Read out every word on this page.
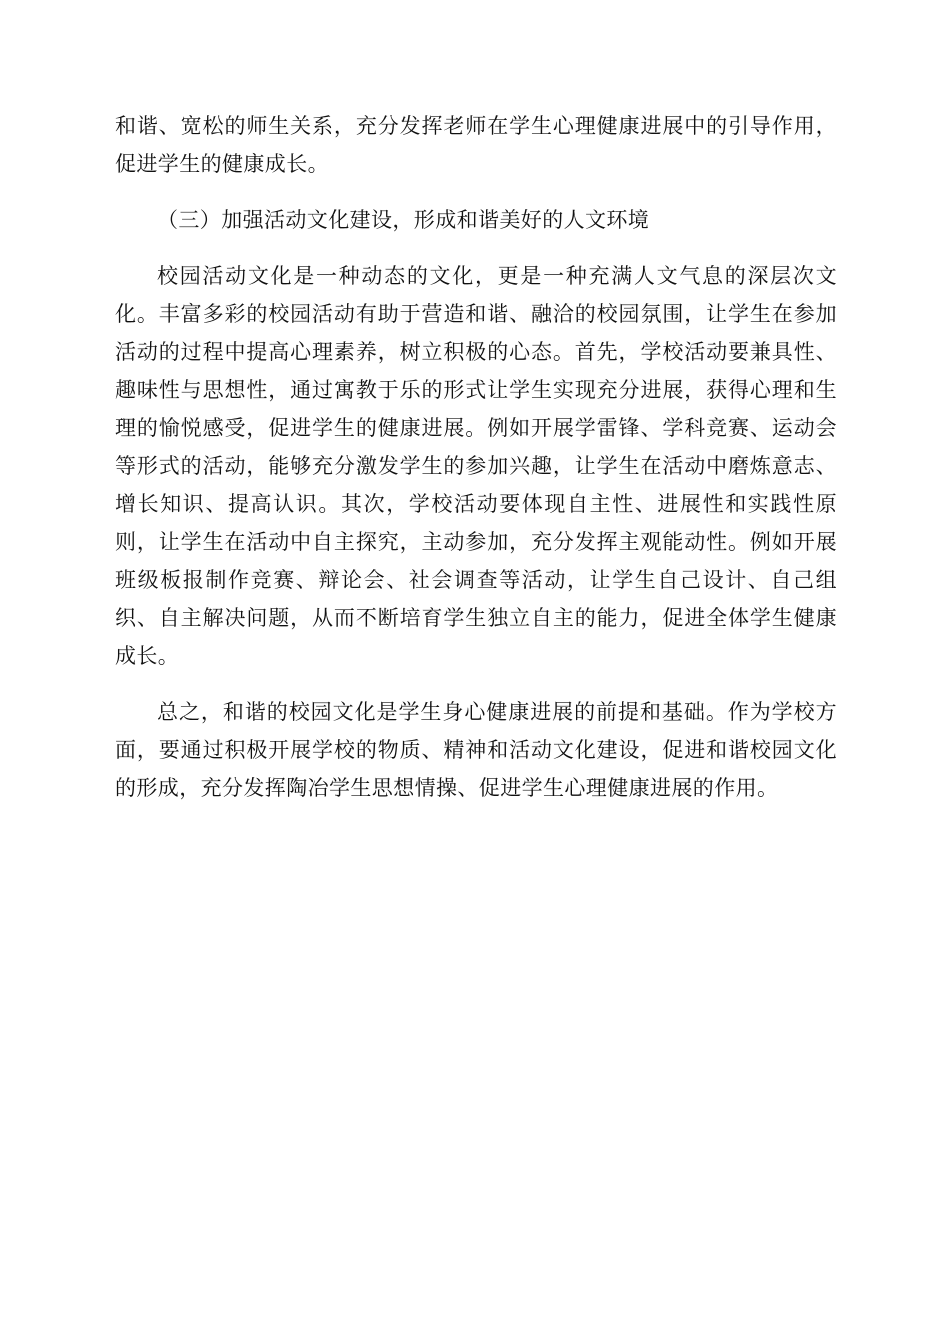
和谐、宽松的师生关系，充分发挥老师在学生心理健康进展中的引导作用，促进学生的健康成长。

（三）加强活动文化建设，形成和谐美好的人文环境

校园活动文化是一种动态的文化，更是一种充满人文气息的深层次文化。丰富多彩的校园活动有助于营造和谐、融洽的校园氛围，让学生在参加活动的过程中提高心理素养，树立积极的心态。首先，学校活动要兼具性、趣味性与思想性，通过寓教于乐的形式让学生实现充分进展，获得心理和生理的愉悦感受，促进学生的健康进展。例如开展学雷锋、学科竞赛、运动会等形式的活动，能够充分激发学生的参加兴趣，让学生在活动中磨炼意志、增长知识、提高认识。其次，学校活动要体现自主性、进展性和实践性原则，让学生在活动中自主探究，主动参加，充分发挥主观能动性。例如开展班级板报制作竞赛、辩论会、社会调查等活动，让学生自己设计、自己组织、自主解决问题，从而不断培育学生独立自主的能力，促进全体学生健康成长。

总之，和谐的校园文化是学生身心健康进展的前提和基础。作为学校方面，要通过积极开展学校的物质、精神和活动文化建设，促进和谐校园文化的形成，充分发挥陶冶学生思想情操、促进学生心理健康进展的作用。
